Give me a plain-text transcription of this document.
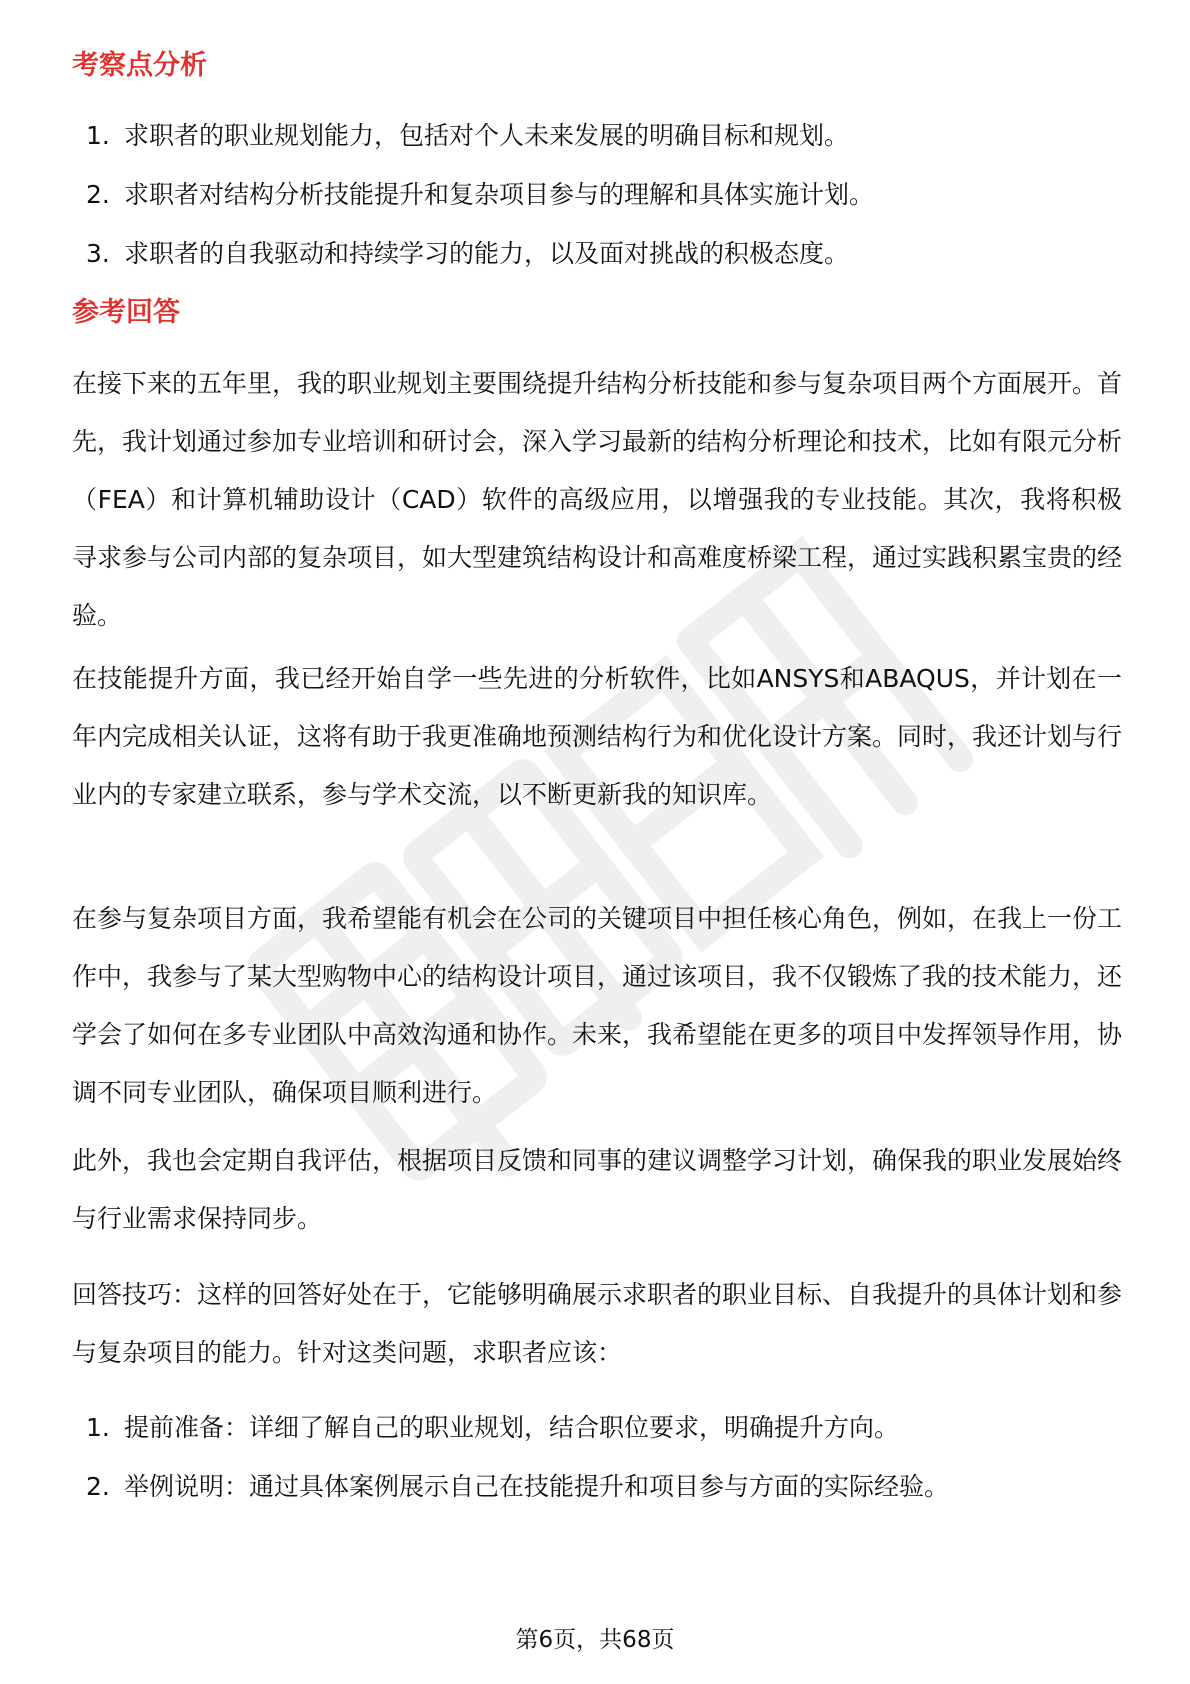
考察点分析
1. 求职者的职业规划能力，包括对个人未来发展的明确目标和规划。
2. 求职者对结构分析技能提升和复杂项目参与的理解和具体实施计划。
3. 求职者的自我驱动和持续学习的能力，以及面对挑战的积极态度。
参考回答

在接下来的五年里，我的职业规划主要围绕提升结构分析技能和参与复杂项目两个方面展开。首先，我计划通过参加专业培训和研讨会，深入学习最新的结构分析理论和技术，比如有限元分析（FEA）和计算机辅助设计（CAD）软件的高级应用，以增强我的专业技能。其次，我将积极寻求参与公司内部的复杂项目，如大型建筑结构设计和高难度桥梁工程，通过实践积累宝贵的经验。

在技能提升方面，我已经开始自学一些先进的分析软件，比如ANSYS和ABAQUS，并计划在一年内完成相关认证，这将有助于我更准确地预测结构行为和优化设计方案。同时，我还计划与行业内的专家建立联系，参与学术交流，以不断更新我的知识库。

在参与复杂项目方面，我希望能有机会在公司的关键项目中担任核心角色，例如，在我上一份工作中，我参与了某大型购物中心的结构设计项目，通过该项目，我不仅锻炼了我的技术能力，还学会了如何在多专业团队中高效沟通和协作。未来，我希望能在更多的项目中发挥领导作用，协调不同专业团队，确保项目顺利进行。

此外，我也会定期自我评估，根据项目反馈和同事的建议调整学习计划，确保我的职业发展始终与行业需求保持同步。

回答技巧：这样的回答好处在于，它能够明确展示求职者的职业目标、自我提升的具体计划和参与复杂项目的能力。针对这类问题，求职者应该：

1. 提前准备：详细了解自己的职业规划，结合职位要求，明确提升方向。
2. 举例说明：通过具体案例展示自己在技能提升和项目参与方面的实际经验。
第6页，共68页
